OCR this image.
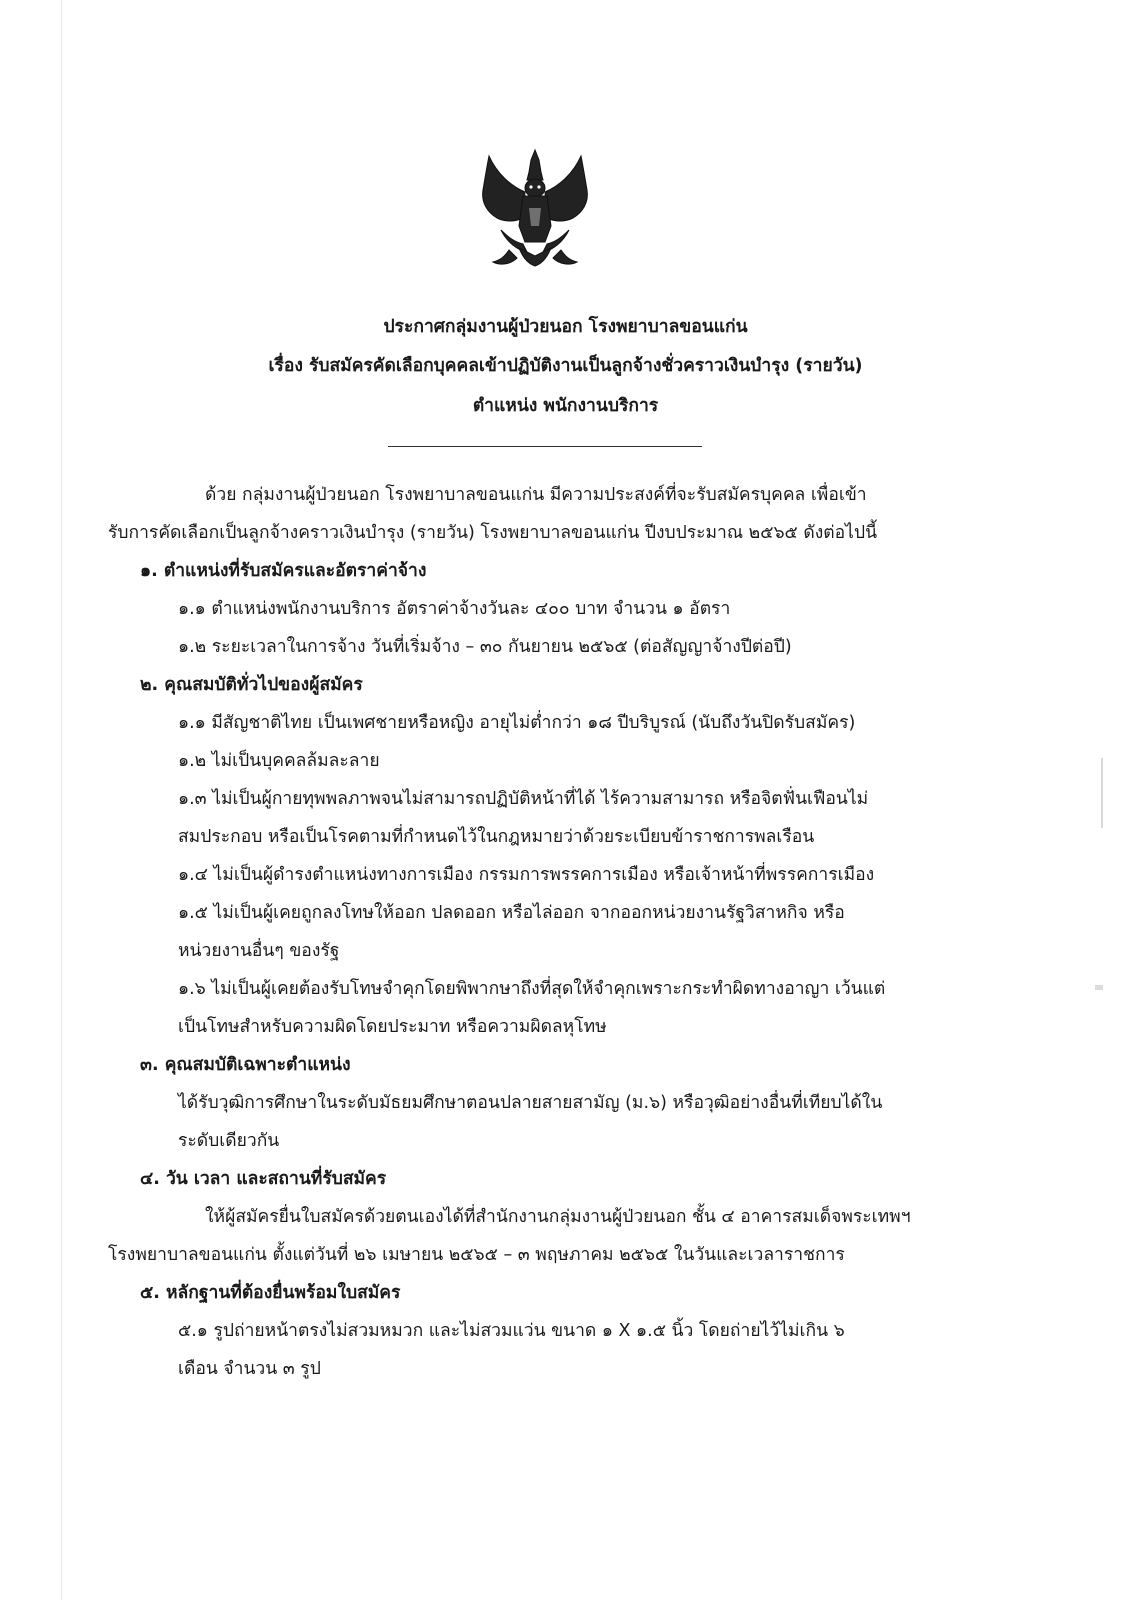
ประกาศกลุ่มงานผู้ป่วยนอก โรงพยาบาลขอนแก่น
เรื่อง รับสมัครคัดเลือกบุคคลเข้าปฏิบัติงานเป็นลูกจ้างชั่วคราวเงินบำรุง (รายวัน)
ตำแหน่ง พนักงานบริการ
ด้วย กลุ่มงานผู้ป่วยนอก โรงพยาบาลขอนแก่น มีความประสงค์ที่จะรับสมัครบุคคล เพื่อเข้า
รับการคัดเลือกเป็นลูกจ้างคราวเงินบำรุง (รายวัน) โรงพยาบาลขอนแก่น ปีงบประมาณ ๒๕๖๕ ดังต่อไปนี้
๑. ตำแหน่งที่รับสมัครและอัตราค่าจ้าง
๑.๑ ตำแหน่งพนักงานบริการ อัตราค่าจ้างวันละ ๔๐๐ บาท จำนวน ๑ อัตรา
๑.๒ ระยะเวลาในการจ้าง วันที่เริ่มจ้าง – ๓๐ กันยายน ๒๕๖๕ (ต่อสัญญาจ้างปีต่อปี)
๒. คุณสมบัติทั่วไปของผู้สมัคร
๑.๑ มีสัญชาติไทย เป็นเพศชายหรือหญิง อายุไม่ต่ำกว่า ๑๘ ปีบริบูรณ์ (นับถึงวันปิดรับสมัคร)
๑.๒ ไม่เป็นบุคคลล้มละลาย
๑.๓ ไม่เป็นผู้กายทุพพลภาพจนไม่สามารถปฏิบัติหน้าที่ได้ ไร้ความสามารถ หรือจิตฟั่นเฟือนไม่
สมประกอบ หรือเป็นโรคตามที่กำหนดไว้ในกฎหมายว่าด้วยระเบียบข้าราชการพลเรือน
๑.๔ ไม่เป็นผู้ดำรงตำแหน่งทางการเมือง กรรมการพรรคการเมือง หรือเจ้าหน้าที่พรรคการเมือง
๑.๕ ไม่เป็นผู้เคยถูกลงโทษให้ออก ปลดออก หรือไล่ออก จากออกหน่วยงานรัฐวิสาหกิจ หรือ
หน่วยงานอื่นๆ ของรัฐ
๑.๖ ไม่เป็นผู้เคยต้องรับโทษจำคุกโดยพิพากษาถึงที่สุดให้จำคุกเพราะกระทำผิดทางอาญา เว้นแต่
เป็นโทษสำหรับความผิดโดยประมาท หรือความผิดลหุโทษ
๓. คุณสมบัติเฉพาะตำแหน่ง
ได้รับวุฒิการศึกษาในระดับมัธยมศึกษาตอนปลายสายสามัญ (ม.๖) หรือวุฒิอย่างอื่นที่เทียบได้ใน
ระดับเดียวกัน
๔. วัน เวลา และสถานที่รับสมัคร
ให้ผู้สมัครยื่นใบสมัครด้วยตนเองได้ที่สำนักงานกลุ่มงานผู้ป่วยนอก ชั้น ๔ อาคารสมเด็จพระเทพฯ
โรงพยาบาลขอนแก่น ตั้งแต่วันที่ ๒๖ เมษายน ๒๕๖๕ – ๓ พฤษภาคม ๒๕๖๕ ในวันและเวลาราชการ
๕. หลักฐานที่ต้องยื่นพร้อมใบสมัคร
๕.๑ รูปถ่ายหน้าตรงไม่สวมหมวก และไม่สวมแว่น ขนาด ๑ X ๑.๕ นิ้ว โดยถ่ายไว้ไม่เกิน ๖
เดือน จำนวน ๓ รูป
